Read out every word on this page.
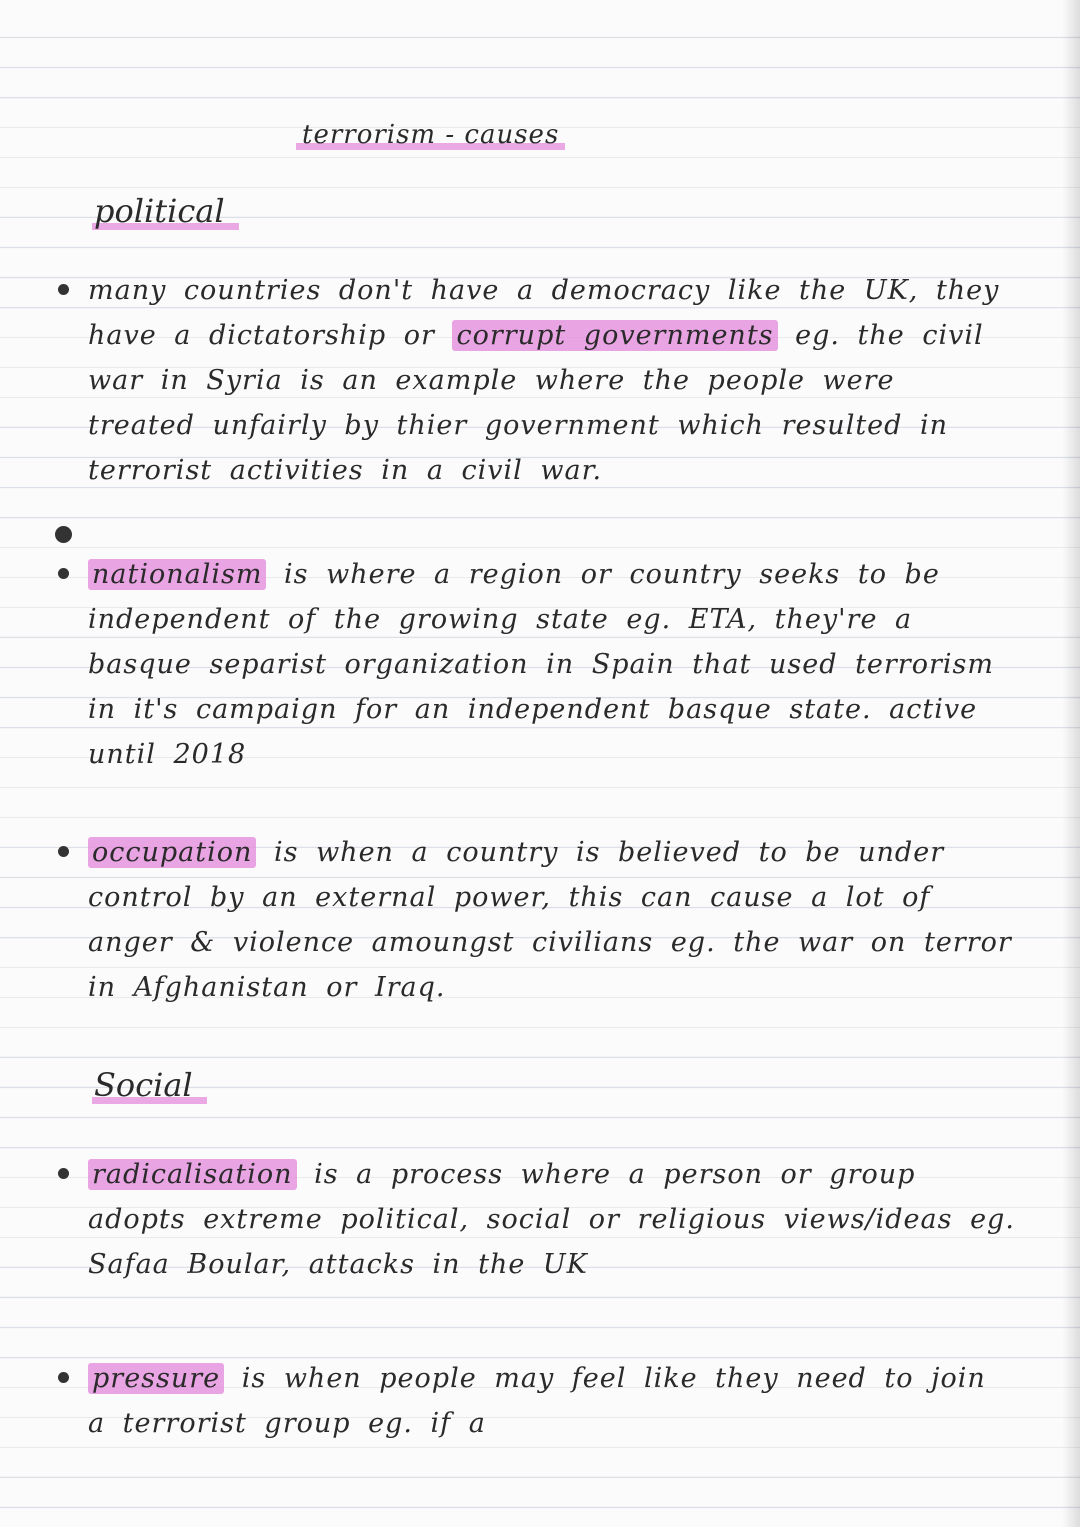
terrorism - causes
political
many countries don't have a democracy like the UK, they have a dictatorship or corrupt governments eg. the civil war in Syria is an example where the people were treated unfairly by thier government which resulted in terrorist activities in a civil war.
nationalism is where a region or country seeks to be independent of the growing state eg. ETA, they're a basque separist organization in Spain that used terrorism in it's campaign for an independent basque state. active until 2018
occupation is when a country is believed to be under control by an external power, this can cause a lot of anger & violence amoungst civilians eg. the war on terror in Afghanistan or Iraq.
Social
radicalisation is a process where a person or group adopts extreme political, social or religious views/ideas eg. Safaa Boular, attacks in the UK
pressure is when people may feel like they need to join a terrorist group eg. if a
